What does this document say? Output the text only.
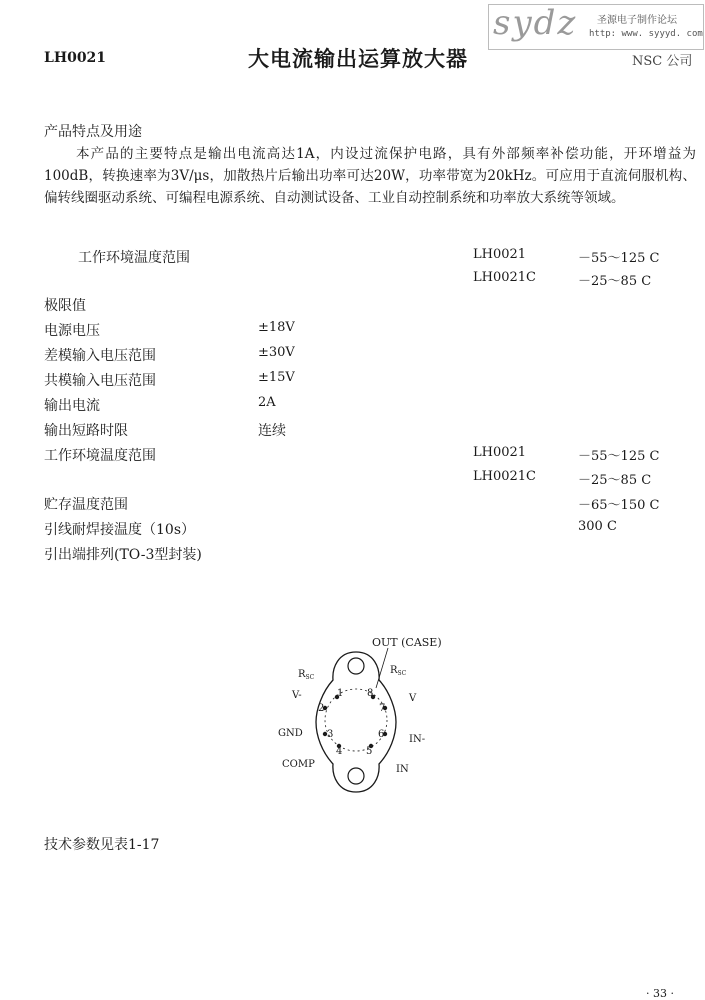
sydz 圣源电子制作论坛
http: www. syyyd. com
LH0021	大电流输出运算放大器	NSC 公司
产品特点及用途
本产品的主要特点是输出电流高达1A，内设过流保护电路，具有外部频率补偿功能，开环增益为100dB，转换速率为3V/μs，加散热片后输出功率可达20W，功率带宽为20kHz。可应用于直流伺服机构、偏转线圈驱动系统、可编程电源系统、自动测试设备、工业自动控制系统和功率放大系统等领域。
工作环境温度范围	LH0021	－55～125 C
LH0021C	－25～85 C
极限值
电源电压	±18V
差模输入电压范围	±30V
共模输入电压范围	±15V
输出电流	2A
输出短路时限	连续
工作环境温度范围	LH0021	－55～125 C
LH0021C	－25～85 C
贮存温度范围	－65～150 C
引线耐焊接温度（10s）	300 C
引出端排列(TO-3型封装)
1
2
3
4 5
6
7
8
OUT (CASE)
$R_{SC}$
$R_{SC}$
V-	V
GND
IN-
COMP	IN
技术参数见表1-17
· 33 ·
